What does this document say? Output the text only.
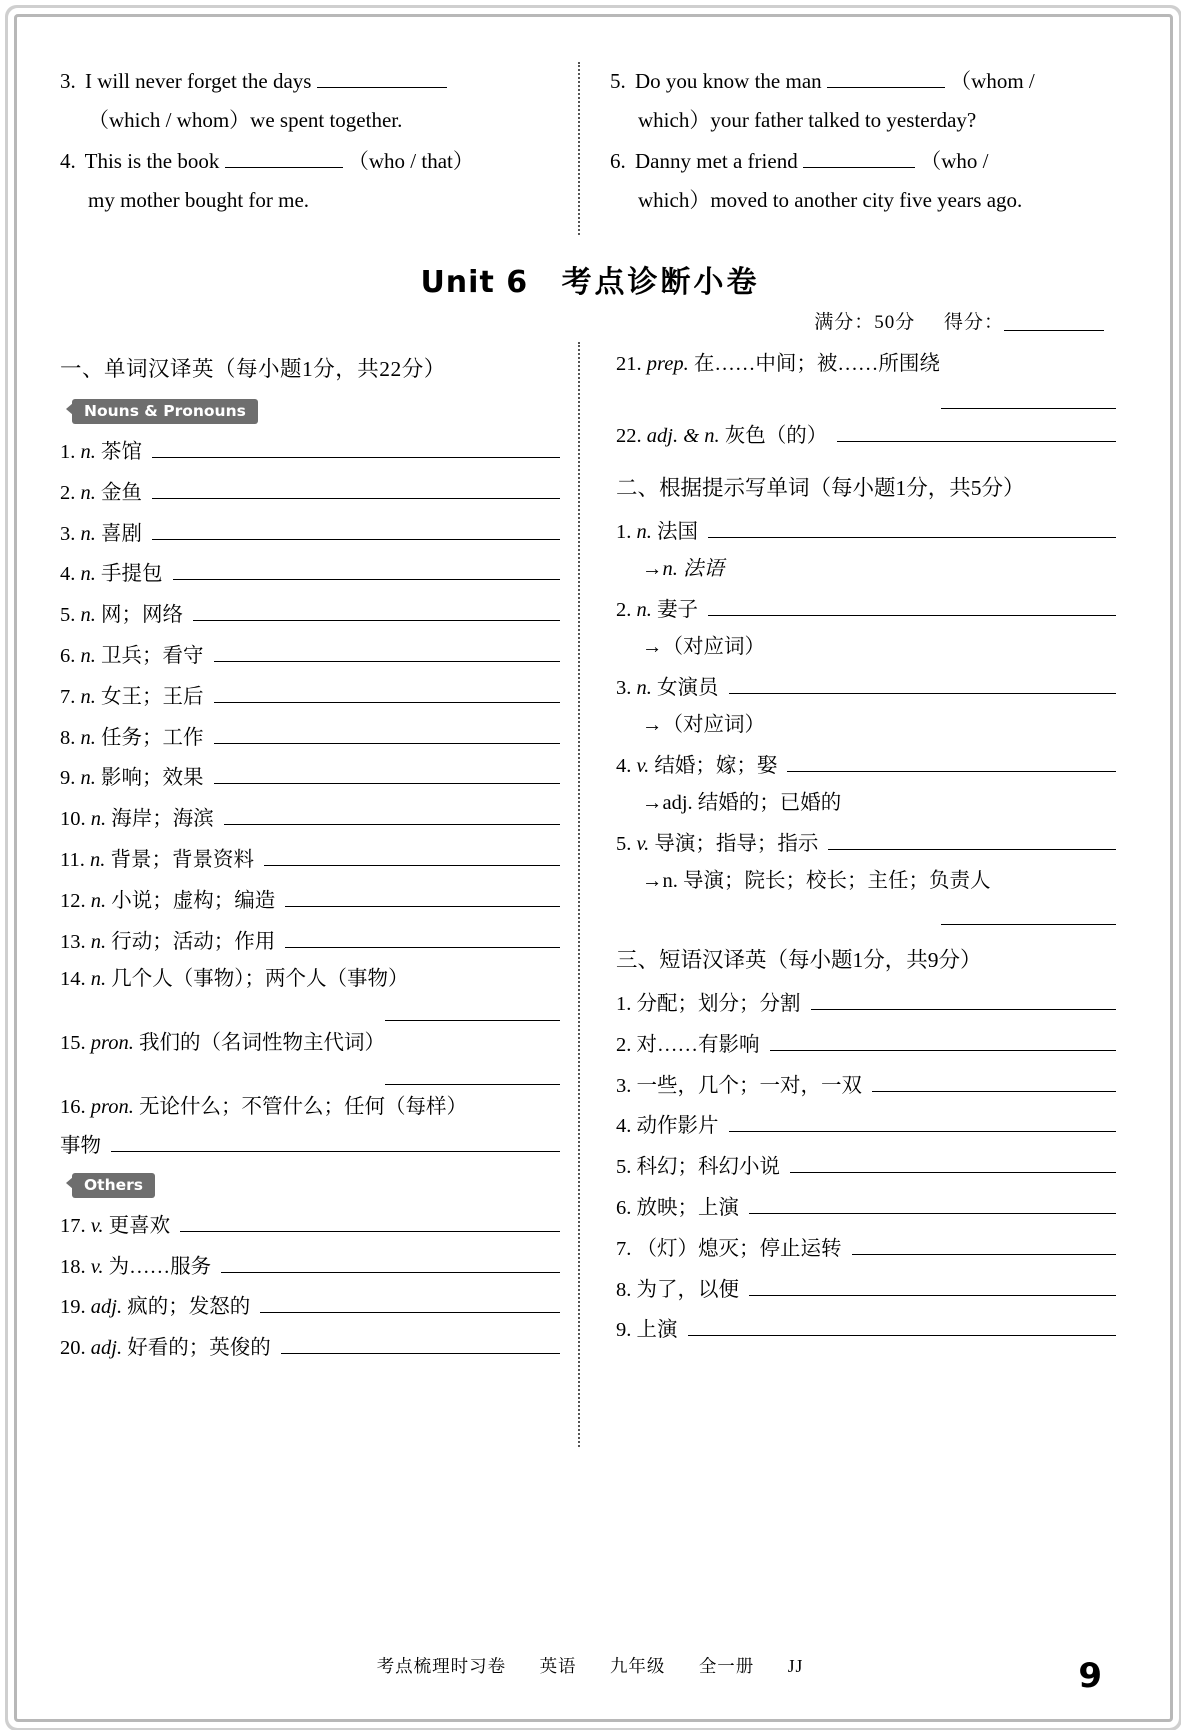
3. I will never forget the days
（which / whom）we spent together.
4. This is the book	（who / that）
my mother bought for me.
5. Do you know the man	（whom /
which）your father talked to yesterday?
6. Danny met a friend	（who /
which）moved to another city five years ago.
Unit 6 考点诊断小卷
满分：50分 得分：
一、单词汉译英（每小题1分，共22分）
Nouns & Pronouns
1. n. 茶馆
2. n. 金鱼
3. n. 喜剧
4. n. 手提包
5. n. 网；网络
6. n. 卫兵；看守
7. n. 女王；王后
8. n. 任务；工作
9. n. 影响；效果
10. n. 海岸；海滨
11. n. 背景；背景资料
12. n. 小说；虚构；编造
13. n. 行动；活动；作用
14. n. 几个人（事物）；两个人（事物）
15. pron. 我们的（名词性物主代词）
16. pron. 无论什么；不管什么；任何（每样）
事物
Others
17. v. 更喜欢
18. v. 为……服务
19. adj. 疯的；发怒的
20. adj. 好看的；英俊的
21. prep. 在……中间；被……所围绕
22. adj. & n. 灰色（的）
二、根据提示写单词（每小题1分，共5分）
1. n. 法国
→n. 法语
2. n. 妻子
→（对应词）
3. n. 女演员
→（对应词）
4. v. 结婚；嫁；娶
→adj. 结婚的；已婚的
5. v. 导演；指导；指示
→n. 导演；院长；校长；主任；负责人
三、短语汉译英（每小题1分，共9分）
1. 分配；划分；分割
2. 对……有影响
3. 一些，几个；一对，一双
4. 动作影片
5. 科幻；科幻小说
6. 放映；上演
7. （灯）熄灭；停止运转
8. 为了，以便
9. 上演
考点梳理时习卷 英语 九年级 全一册 JJ	9
